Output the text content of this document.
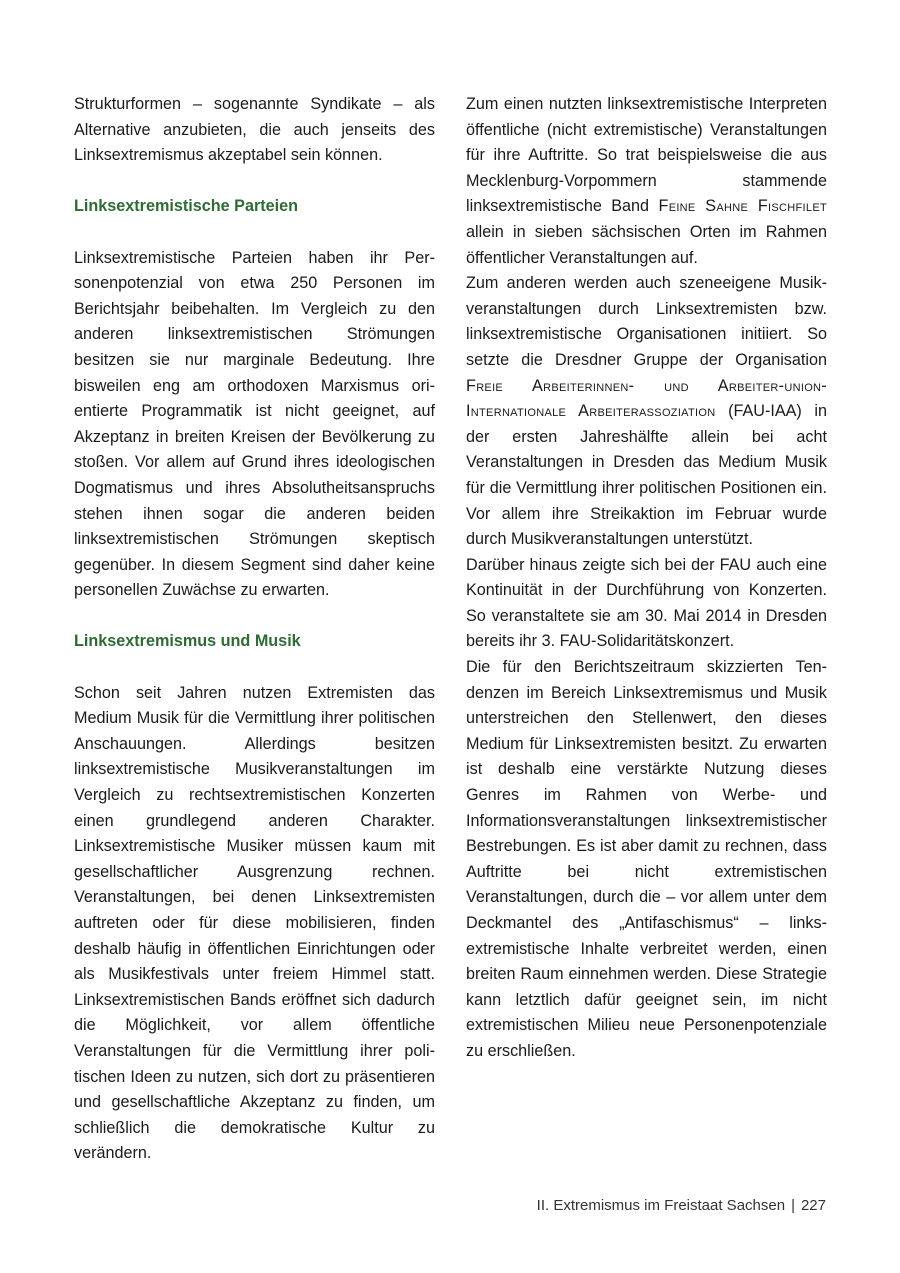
Strukturformen – sogenannte Syndikate – als Alternative anzubieten, die auch jenseits des Linksextremismus akzeptabel sein können.

Linksextremistische Parteien

Linksextremistische Parteien haben ihr Personenpotenzial von etwa 250 Personen im Berichtsjahr beibehalten. Im Vergleich zu den anderen linksextremistischen Strömungen besitzen sie nur marginale Bedeutung. Ihre bisweilen eng am orthodoxen Marxismus orientierte Programmatik ist nicht geeignet, auf Akzeptanz in breiten Kreisen der Bevölkerung zu stoßen. Vor allem auf Grund ihres ideologischen Dogmatismus und ihres Absolutheitsanspruchs stehen ihnen sogar die anderen beiden linksextremistischen Strömungen skeptisch gegenüber. In diesem Segment sind daher keine personellen Zuwächse zu erwarten.

Linksextremismus und Musik

Schon seit Jahren nutzen Extremisten das Medium Musik für die Vermittlung ihrer politischen Anschauungen. Allerdings besitzen linksextremistische Musikveranstaltungen im Vergleich zu rechtsextremistischen Konzerten einen grundlegend anderen Charakter. Linksextremistische Musiker müssen kaum mit gesellschaftlicher Ausgrenzung rechnen. Veranstaltungen, bei denen Linksextremisten auftreten oder für diese mobilisieren, finden deshalb häufig in öffentlichen Einrichtungen oder als Musikfestivals unter freiem Himmel statt. Linksextremistischen Bands eröffnet sich dadurch die Möglichkeit, vor allem öffentliche Veranstaltungen für die Vermittlung ihrer politischen Ideen zu nutzen, sich dort zu präsentieren und gesellschaftliche Akzeptanz zu finden, um schließlich die demokratische Kultur zu verändern.

Zum einen nutzten linksextremistische Interpreten öffentliche (nicht extremistische) Veranstaltungen für ihre Auftritte. So trat beispielsweise die aus Mecklenburg-Vorpommern stammende linksextremistische Band Feine Sahne Fischfilet allein in sieben sächsischen Orten im Rahmen öffentlicher Veranstaltungen auf.

Zum anderen werden auch szeneeigene Musikveranstaltungen durch Linksextremisten bzw. linksextremistische Organisationen initiiert. So setzte die Dresdner Gruppe der Organisation Freie Arbeiterinnen- und Arbeiter-union-Internationale Arbeiterassoziation (FAU-IAA) in der ersten Jahreshälfte allein bei acht Veranstaltungen in Dresden das Medium Musik für die Vermittlung ihrer politischen Positionen ein. Vor allem ihre Streikaktion im Februar wurde durch Musikveranstaltungen unterstützt.

Darüber hinaus zeigte sich bei der FAU auch eine Kontinuität in der Durchführung von Konzerten. So veranstaltete sie am 30. Mai 2014 in Dresden bereits ihr 3. FAU-Solidaritätskonzert.

Die für den Berichtszeitraum skizzierten Tendenzen im Bereich Linksextremismus und Musik unterstreichen den Stellenwert, den dieses Medium für Linksextremisten besitzt. Zu erwarten ist deshalb eine verstärkte Nutzung dieses Genres im Rahmen von Werbe- und Informationsveranstaltungen linksextremistischer Bestrebungen. Es ist aber damit zu rechnen, dass Auftritte bei nicht extremistischen Veranstaltungen, durch die – vor allem unter dem Deckmantel des „Antifaschismus“ – linksextremistische Inhalte verbreitet werden, einen breiten Raum einnehmen werden. Diese Strategie kann letztlich dafür geeignet sein, im nicht extremistischen Milieu neue Personenpotenziale zu erschließen.

II. Extremismus im Freistaat Sachsen | 227
